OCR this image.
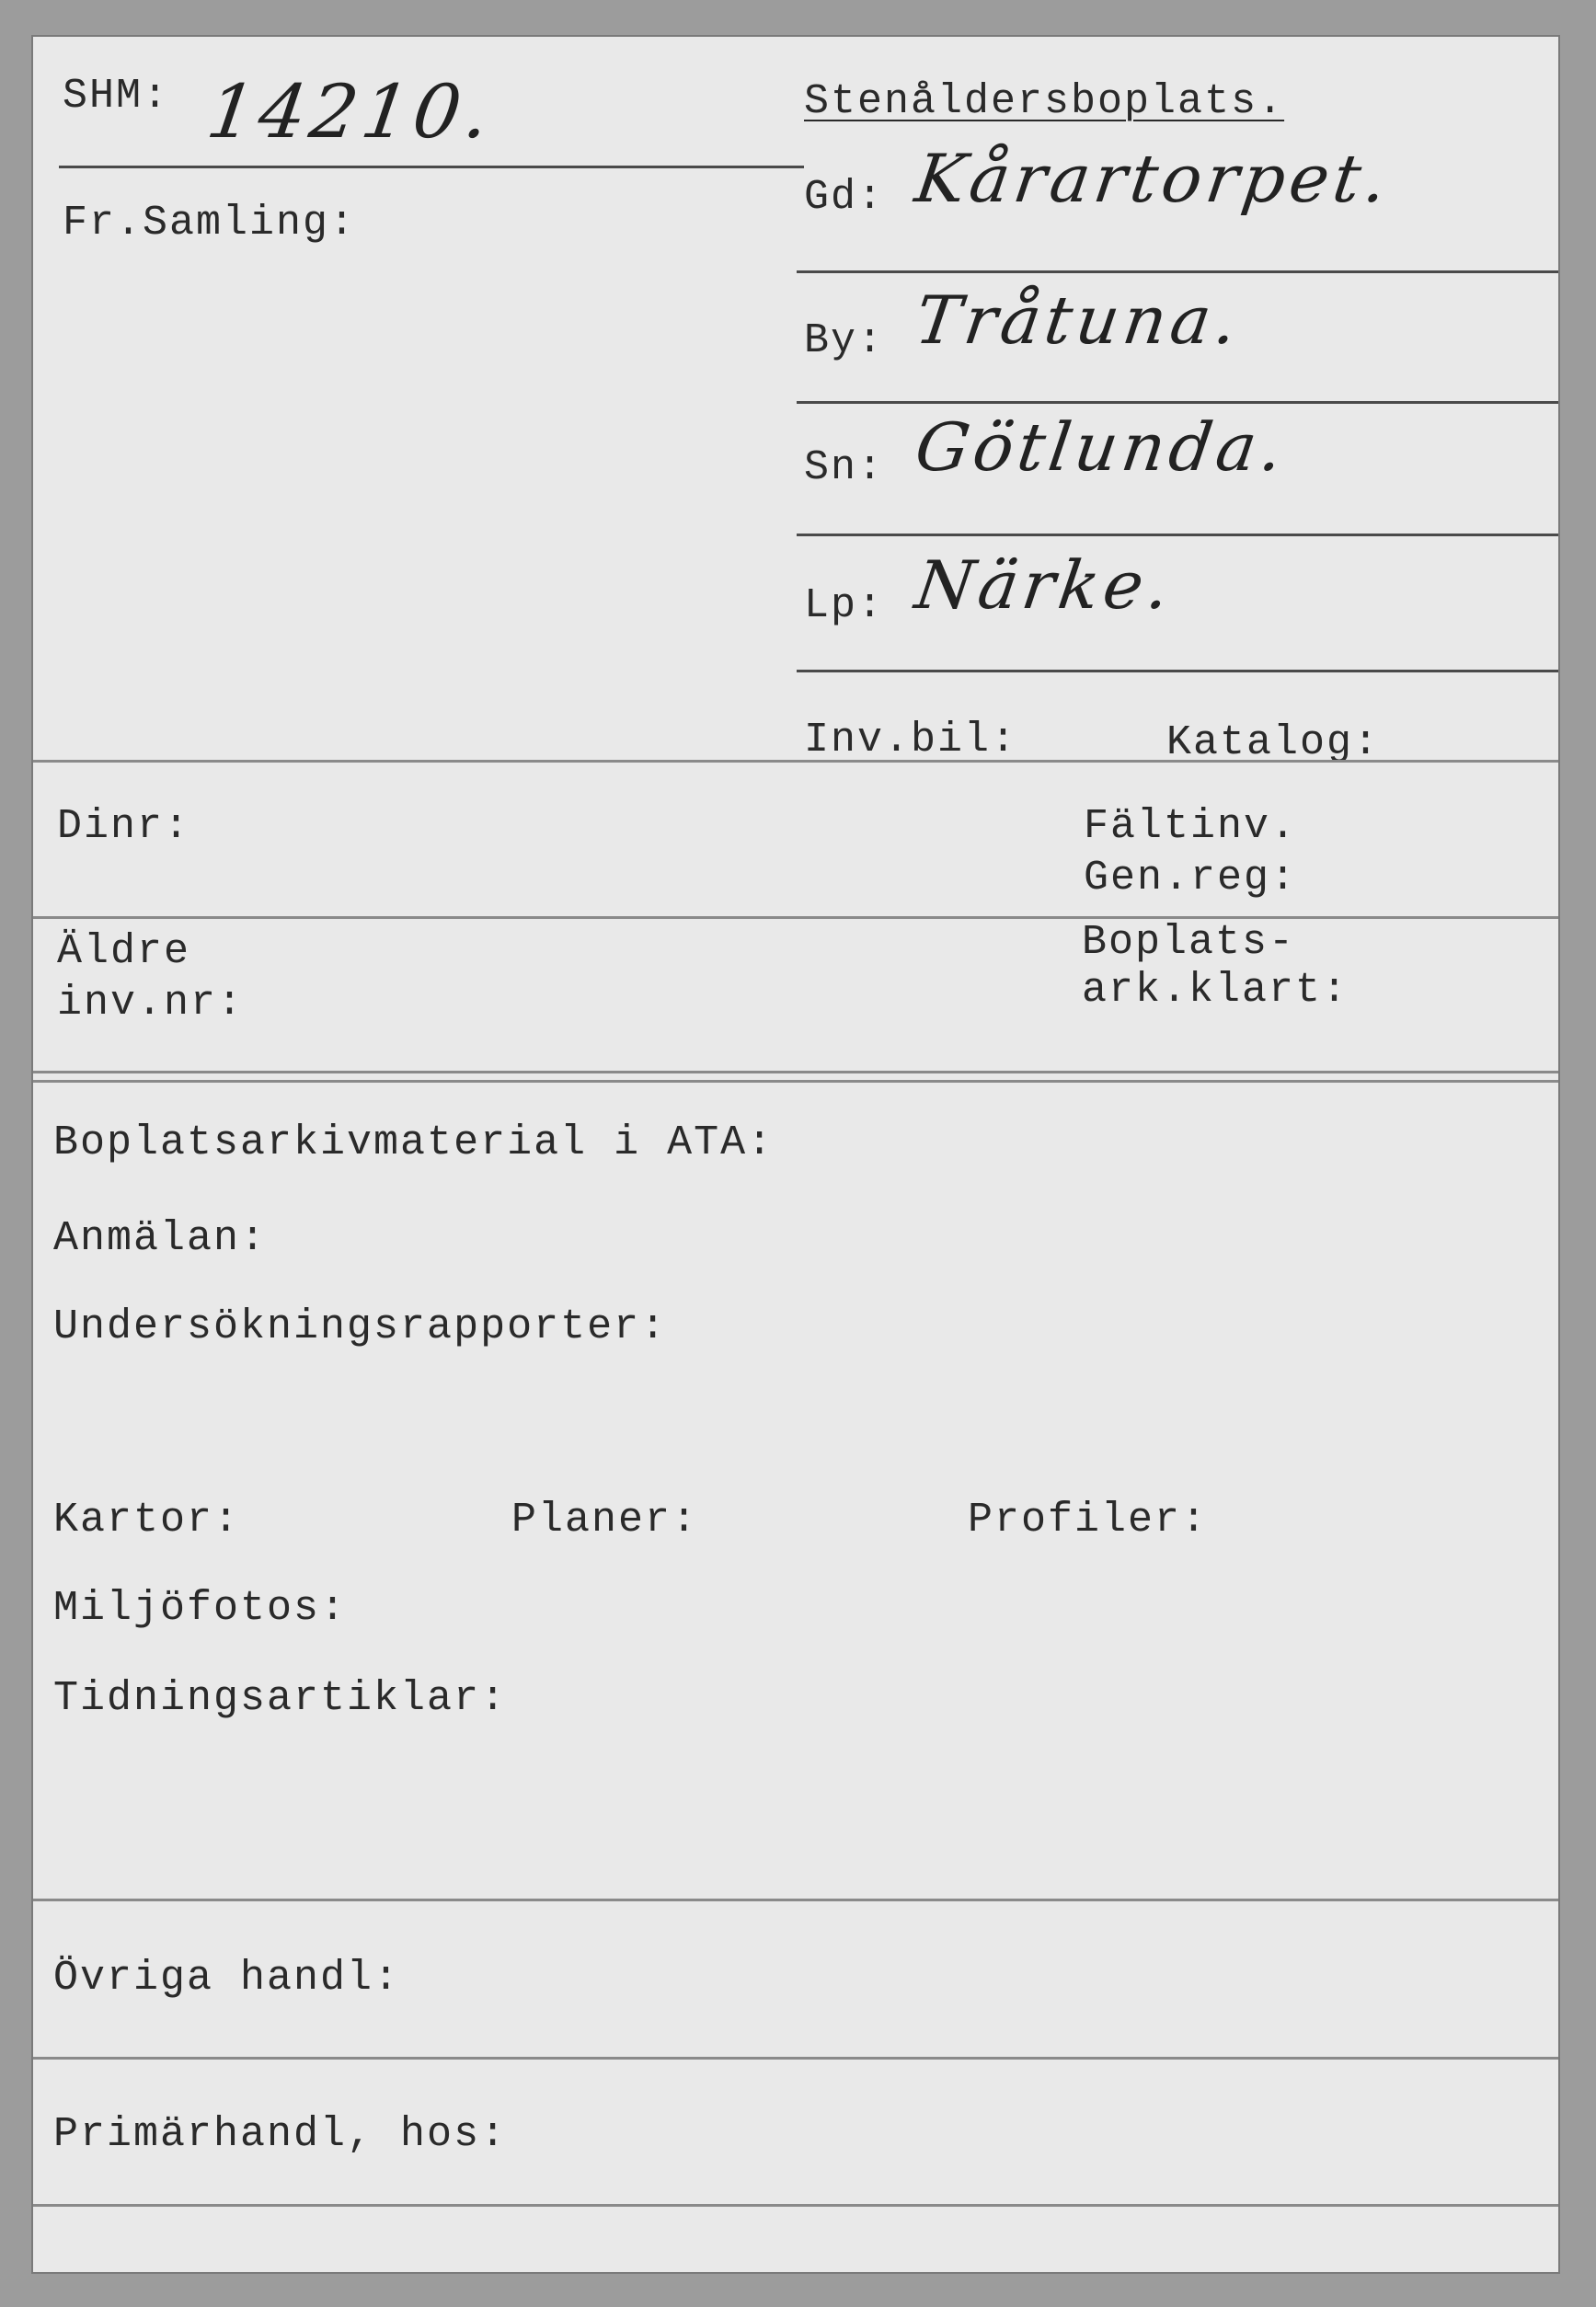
SHM: 14210.	Stenåldersboplats.
Fr.Samling:
Gd: Kårartorpet.
By: Tråtuna.
Sn: Götlunda.
Lp: Närke.
Inv.bil:	Katalog:
Dinr:	Fältinv.
Gen.reg:
Äldre
inv.nr:
Boplats-
ark.klart:
Boplatsarkivmaterial i ATA:
Anmälan:
Undersökningsrapporter:
Kartor:	Planer:	Profiler:
Miljöfotos:
Tidningsartiklar:
Övriga handl:
Primärhandl, hos:
